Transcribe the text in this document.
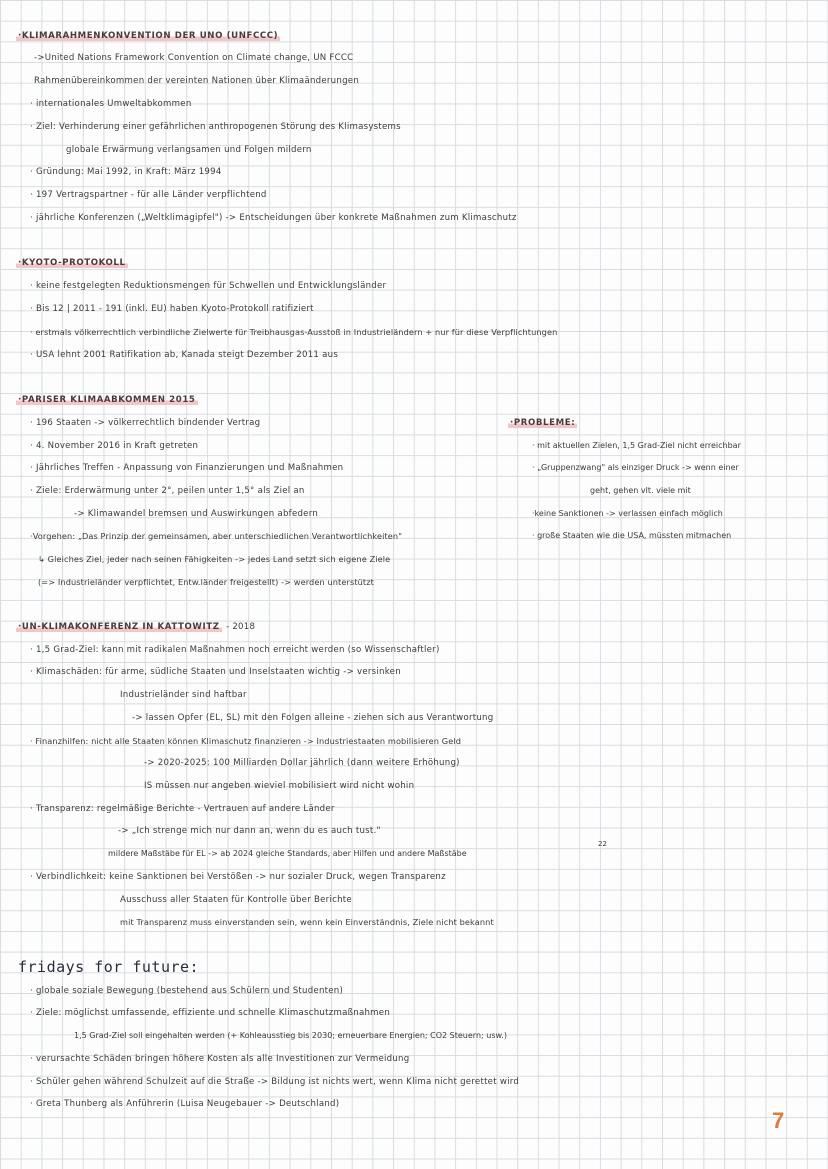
·KLIMARAHMENKONVENTION DER UNO (UNFCCC)
->United Nations Framework Convention on Climate change, UN FCCC
Rahmenübereinkommen der vereinten Nationen über Klimaänderungen
· internationales Umweltabkommen
· Ziel: Verhinderung einer gefährlichen anthropogenen Störung des Klimasystems
globale Erwärmung verlangsamen und Folgen mildern
· Gründung: Mai 1992, in Kraft: März 1994
· 197 Vertragspartner - für alle Länder verpflichtend
· jährliche Konferenzen („Weltklimagipfel") -> Entscheidungen über konkrete Maßnahmen zum Klimaschutz
·KYOTO-PROTOKOLL
· keine festgelegten Reduktionsmengen für Schwellen und Entwicklungsländer
· Bis 12 | 2011 - 191 (inkl. EU) haben Kyoto-Protokoll ratifiziert
· erstmals völkerrechtlich verbindliche Zielwerte für Treibhausgas-Ausstoß in Industrieländern + nur für diese Verpflichtungen
· USA lehnt 2001 Ratifikation ab, Kanada steigt Dezember 2011 aus
·PARISER KLIMAABKOMMEN 2015
· 196 Staaten -> völkerrechtlich bindender Vertrag
· 4. November 2016 in Kraft getreten
· Jährliches Treffen - Anpassung von Finanzierungen und Maßnahmen
· Ziele: Erderwärmung unter 2°, peilen unter 1,5° als Ziel an
-> Klimawandel bremsen und Auswirkungen abfedern
·Vorgehen: „Das Prinzip der gemeinsamen, aber unterschiedlichen Verantwortlichkeiten"
↳ Gleiches Ziel, jeder nach seinen Fähigkeiten -> jedes Land setzt sich eigene Ziele
(=> Industrieländer verpflichtet, Entw.länder freigestellt) -> werden unterstützt
·PROBLEME:
· mit aktuellen Zielen, 1,5 Grad-Ziel nicht erreichbar
· „Gruppenzwang" als einziger Druck -> wenn einer
geht, gehen vlt. viele mit
·keine Sanktionen -> verlassen einfach möglich
· große Staaten wie die USA, müssten mitmachen
·UN-KLIMAKONFERENZ IN KATTOWITZ - 2018
· 1,5 Grad-Ziel: kann mit radikalen Maßnahmen noch erreicht werden (so Wissenschaftler)
· Klimaschäden: für arme, südliche Staaten und Inselstaaten wichtig -> versinken
Industrieländer sind haftbar
-> lassen Opfer (EL, SL) mit den Folgen alleine - ziehen sich aus Verantwortung
· Finanzhilfen: nicht alle Staaten können Klimaschutz finanzieren -> Industriestaaten mobilisieren Geld
-> 2020-2025: 100 Milliarden Dollar jährlich (dann weitere Erhöhung)
IS müssen nur angeben wieviel mobilisiert wird nicht wohin
· Transparenz: regelmäßige Berichte - Vertrauen auf andere Länder
-> „Ich strenge mich nur dann an, wenn du es auch tust."
mildere Maßstäbe für EL -> ab 2024 gleiche Standards, aber Hilfen und andere Maßstäbe
22
· Verbindlichkeit: keine Sanktionen bei Verstößen -> nur sozialer Druck, wegen Transparenz
Ausschuss aller Staaten für Kontrolle über Berichte
mit Transparenz muss einverstanden sein, wenn kein Einverständnis, Ziele nicht bekannt
fridays for future:
· globale soziale Bewegung (bestehend aus Schülern und Studenten)
· Ziele: möglichst umfassende, effiziente und schnelle Klimaschutzmaßnahmen
1,5 Grad-Ziel soll eingehalten werden (+ Kohleausstieg bis 2030; erneuerbare Energien; CO2 Steuern; usw.)
· verursachte Schäden bringen höhere Kosten als alle Investitionen zur Vermeidung
· Schüler gehen während Schulzeit auf die Straße -> Bildung ist nichts wert, wenn Klima nicht gerettet wird
· Greta Thunberg als Anführerin (Luisa Neugebauer -> Deutschland)
7
